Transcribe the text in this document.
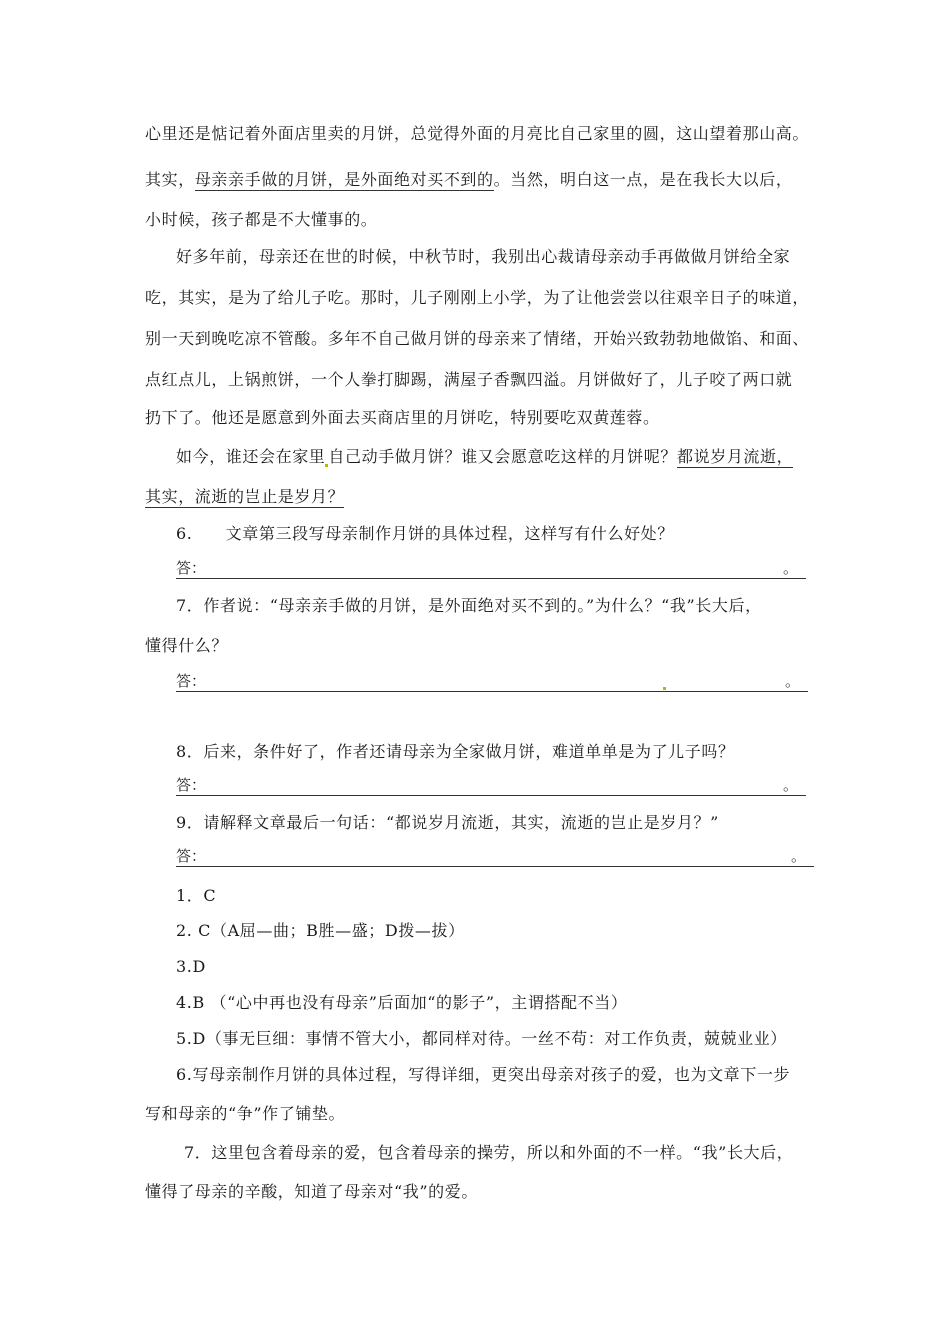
心里还是惦记着外面店里卖的月饼，总觉得外面的月亮比自己家里的圆，这山望着那山高。
其实，母亲亲手做的月饼，是外面绝对买不到的。当然，明白这一点，是在我长大以后，
小时候，孩子都是不大懂事的。
好多年前，母亲还在世的时候，中秋节时，我别出心裁请母亲动手再做做月饼给全家
吃，其实，是为了给儿子吃。那时，儿子刚刚上小学，为了让他尝尝以往艰辛日子的味道，
别一天到晚吃凉不管酸。多年不自己做月饼的母亲来了情绪，开始兴致勃勃地做馅、和面、
点红点儿，上锅煎饼，一个人拳打脚踢，满屋子香飘四溢。月饼做好了，儿子咬了两口就
扔下了。他还是愿意到外面去买商店里的月饼吃，特别要吃双黄莲蓉。
如今，谁还会在家里 自己动手做月饼？谁又会愿意吃这样的月饼呢？都说岁月流逝，
其实，流逝的岂止是岁月？
6.　　文章第三段写母亲制作月饼的具体过程，这样写有什么好处？
答：	。
7．作者说：“母亲亲手做的月饼，是外面绝对买不到的。”为什么？“我”长大后，
懂得什么？
答：	。
8．后来，条件好了，作者还请母亲为全家做月饼，难道单单是为了儿子吗？
答：	。
9．请解释文章最后一句话：“都说岁月流逝，其实，流逝的岂止是岁月？”
答：	。
1．C
2. C（A屈—曲；B胜—盛；D拨—拔）
3.D
4.B （“心中再也没有母亲”后面加“的影子”，主谓搭配不当）
5.D（事无巨细：事情不管大小，都同样对待。一丝不苟：对工作负责，兢兢业业）
6.写母亲制作月饼的具体过程，写得详细，更突出母亲对孩子的爱，也为文章下一步
写和母亲的“争”作了铺垫。
7．这里包含着母亲的爱，包含着母亲的操劳，所以和外面的不一样。“我”长大后，
懂得了母亲的辛酸，知道了母亲对“我”的爱。
